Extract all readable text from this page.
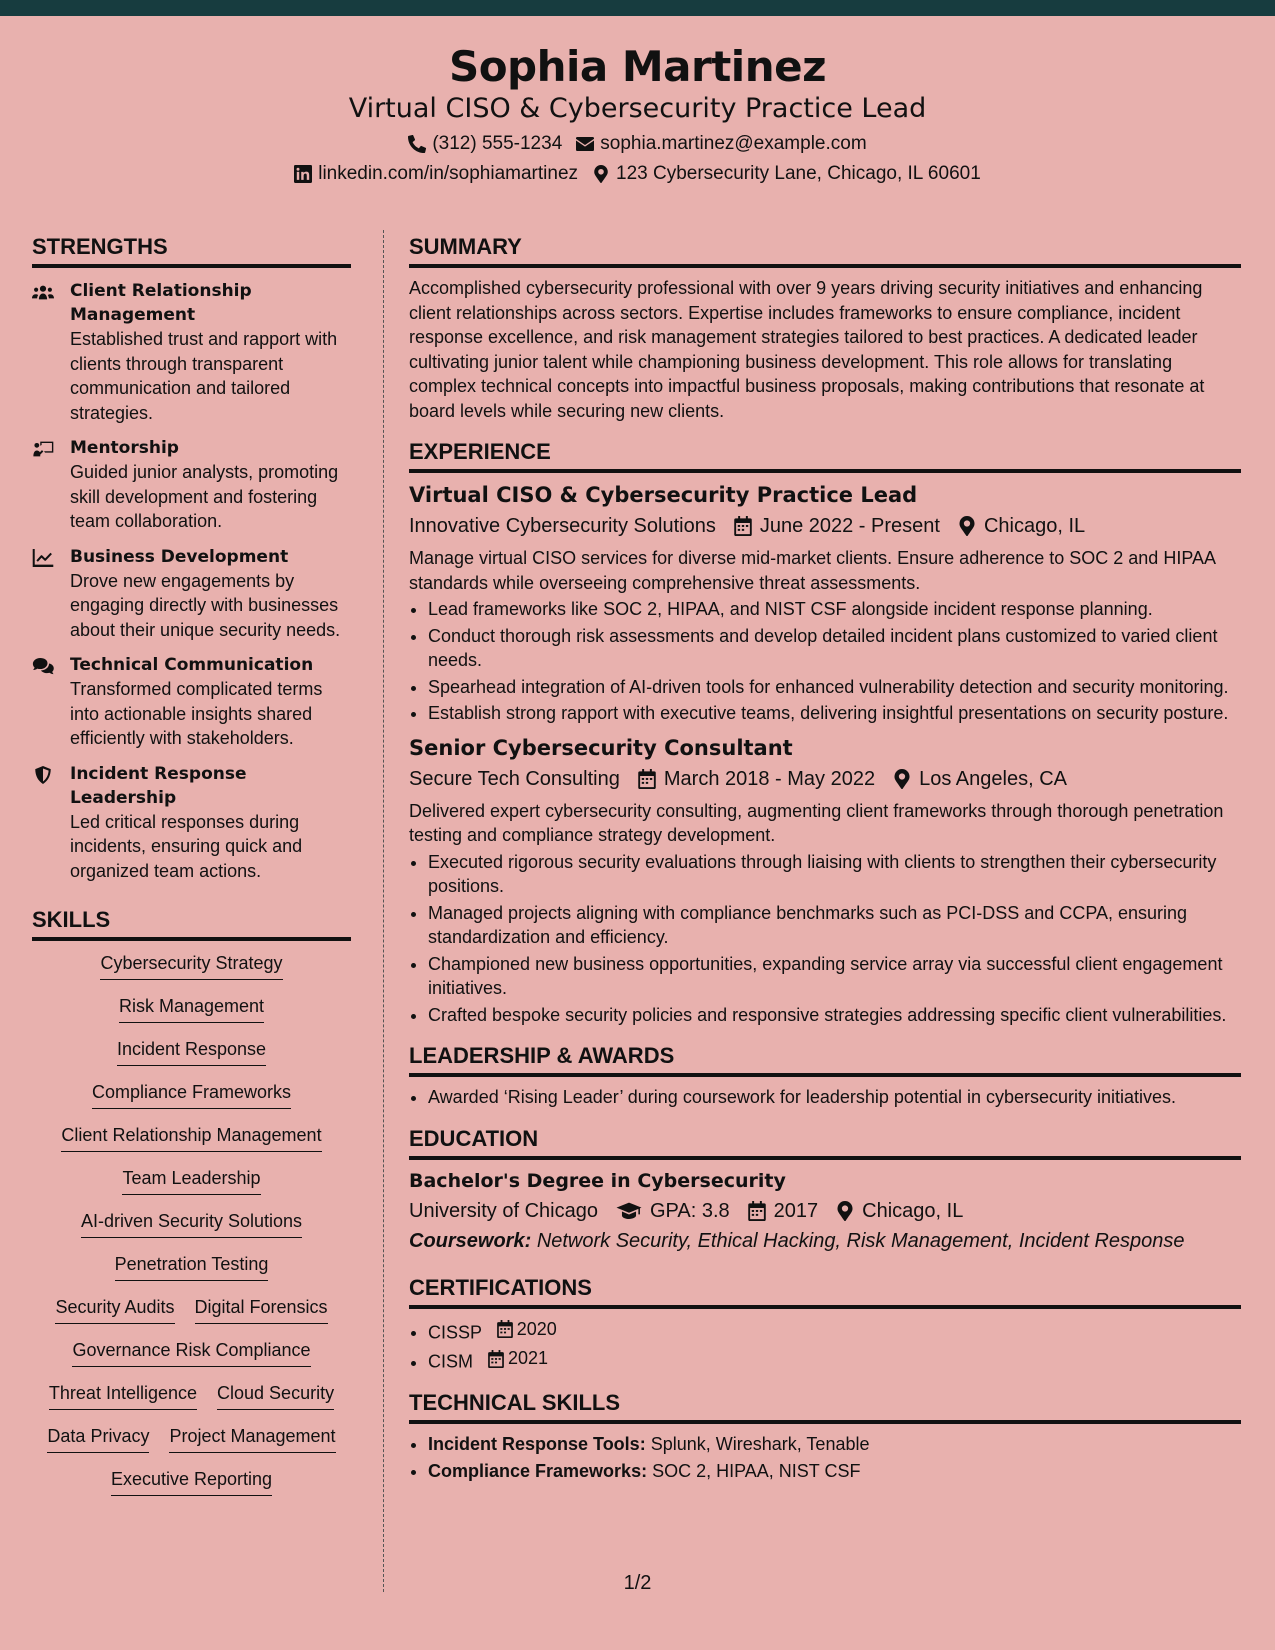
Sophia Martinez
Virtual CISO & Cybersecurity Practice Lead
(312) 555-1234 sophia.martinez@example.com
linkedin.com/in/sophiamartinez 123 Cybersecurity Lane, Chicago, IL 60601
STRENGTHS
Client Relationship Management
Established trust and rapport with clients through transparent communication and tailored strategies.
Mentorship
Guided junior analysts, promoting skill development and fostering team collaboration.
Business Development
Drove new engagements by engaging directly with businesses about their unique security needs.
Technical Communication
Transformed complicated terms into actionable insights shared efficiently with stakeholders.
Incident Response Leadership
Led critical responses during incidents, ensuring quick and organized team actions.
SKILLS
Cybersecurity Strategy
Risk Management
Incident Response
Compliance Frameworks
Client Relationship Management
Team Leadership
AI-driven Security Solutions
Penetration Testing
Security Audits Digital Forensics
Governance Risk Compliance
Threat Intelligence Cloud Security
Data Privacy Project Management
Executive Reporting
SUMMARY
Accomplished cybersecurity professional with over 9 years driving security initiatives and enhancing client relationships across sectors. Expertise includes frameworks to ensure compliance, incident response excellence, and risk management strategies tailored to best practices. A dedicated leader cultivating junior talent while championing business development. This role allows for translating complex technical concepts into impactful business proposals, making contributions that resonate at board levels while securing new clients.
EXPERIENCE
Virtual CISO & Cybersecurity Practice Lead
Innovative Cybersecurity Solutions June 2022 - Present Chicago, IL
Manage virtual CISO services for diverse mid-market clients. Ensure adherence to SOC 2 and HIPAA standards while overseeing comprehensive threat assessments.
• Lead frameworks like SOC 2, HIPAA, and NIST CSF alongside incident response planning.
• Conduct thorough risk assessments and develop detailed incident plans customized to varied client needs.
• Spearhead integration of AI-driven tools for enhanced vulnerability detection and security monitoring.
• Establish strong rapport with executive teams, delivering insightful presentations on security posture.
Senior Cybersecurity Consultant
Secure Tech Consulting March 2018 - May 2022 Los Angeles, CA
Delivered expert cybersecurity consulting, augmenting client frameworks through thorough penetration testing and compliance strategy development.
• Executed rigorous security evaluations through liaising with clients to strengthen their cybersecurity positions.
• Managed projects aligning with compliance benchmarks such as PCI-DSS and CCPA, ensuring standardization and efficiency.
• Championed new business opportunities, expanding service array via successful client engagement initiatives.
• Crafted bespoke security policies and responsive strategies addressing specific client vulnerabilities.
LEADERSHIP & AWARDS
• Awarded ‘Rising Leader’ during coursework for leadership potential in cybersecurity initiatives.
EDUCATION
Bachelor's Degree in Cybersecurity
University of Chicago	GPA: 3.8 2017 Chicago, IL
Coursework: Network Security, Ethical Hacking, Risk Management, Incident Response
CERTIFICATIONS
• CISSP 2020
• CISM 2021
TECHNICAL SKILLS
• Incident Response Tools: Splunk, Wireshark, Tenable
• Compliance Frameworks: SOC 2, HIPAA, NIST CSF
1/2
